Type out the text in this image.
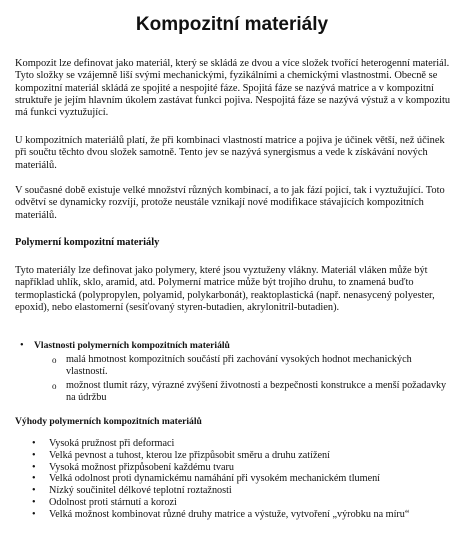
Kompozitní materiály

Kompozit lze definovat jako materiál, který se skládá ze dvou a více složek tvořící heterogenní materiál. Tyto složky se vzájemně liší svými mechanickými, fyzikálními a chemickými vlastnostmi. Obecně se kompozitní materiál skládá ze spojité a nespojité fáze. Spojitá fáze se nazývá matrice a v kompozitní struktuře je jejím hlavním úkolem zastávat funkci pojiva. Nespojitá fáze se nazývá výstuž a v kompozitu má funkci vyztužující.

U kompozitních materiálů platí, že při kombinaci vlastností matrice a pojiva je účinek větší, než účinek při součtu těchto dvou složek samotně. Tento jev se nazývá synergismus a vede k získávání nových materiálů.

V současné době existuje velké množství různých kombinací, a to jak fází pojicí, tak i vyztužující. Toto odvětví se dynamicky rozvíjí, protože neustále vznikají nové modifikace stávajících kompozitních materiálů.

Polymerní kompozitní materiály

Tyto materiály lze definovat jako polymery, které jsou vyztuženy vlákny. Materiál vláken může být například uhlík, sklo, aramid, atd. Polymerní matrice může být trojího druhu, to znamená buďto termoplastická (polypropylen, polyamid, polykarbonát), reaktoplastická (např. nenasycený polyester, epoxid), nebo elastomerní (sesíťovaný styren-butadien, akrylonitril-butadien).

• Vlastnosti polymerních kompozitních materiálů
o malá hmotnost kompozitních součástí při zachování vysokých hodnot mechanických vlastností.
o možnost tlumit rázy, výrazné zvýšení životnosti a bezpečnosti konstrukce a menší požadavky na údržbu

Výhody polymerních kompozitních materiálů

• Vysoká pružnost při deformaci
• Velká pevnost a tuhost, kterou lze přizpůsobit směru a druhu zatížení
• Vysoká možnost přizpůsobení každému tvaru
• Velká odolnost proti dynamickému namáhání při vysokém mechanickém tlumení
• Nízký součinitel délkové teplotní roztažnosti
• Odolnost proti stárnutí a korozi
• Velká možnost kombinovat různé druhy matrice a výstuže, vytvoření „výrobku na míru“
